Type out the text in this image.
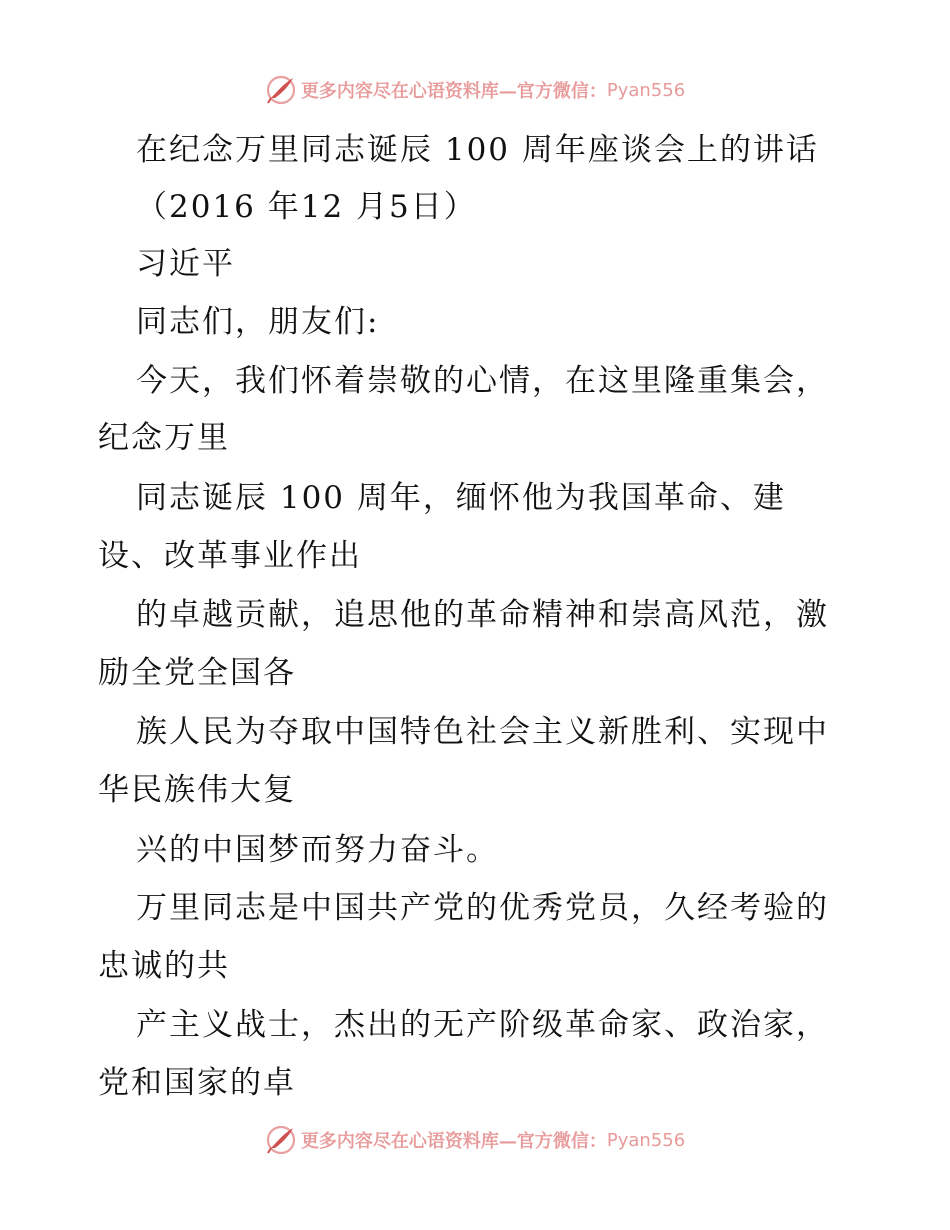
更多内容尽在心语资料库—官方微信： Pyan556
在纪念万里同志诞辰 100 周年座谈会上的讲话
（2016 年12 月5日）
习近平
同志们，朋友们:
今天，我们怀着崇敬的心情，在这里隆重集会，
纪念万里
同志诞辰 100 周年，缅怀他为我国革命、建
设、改革事业作出
的卓越贡献，追思他的革命精神和崇高风范，激
励全党全国各
族人民为夺取中国特色社会主义新胜利、实现中
华民族伟大复
兴的中国梦而努力奋斗。
万里同志是中国共产党的优秀党员，久经考验的
忠诚的共
产主义战士，杰出的无产阶级革命家、政治家，
党和国家的卓
更多内容尽在心语资料库—官方微信： Pyan556
